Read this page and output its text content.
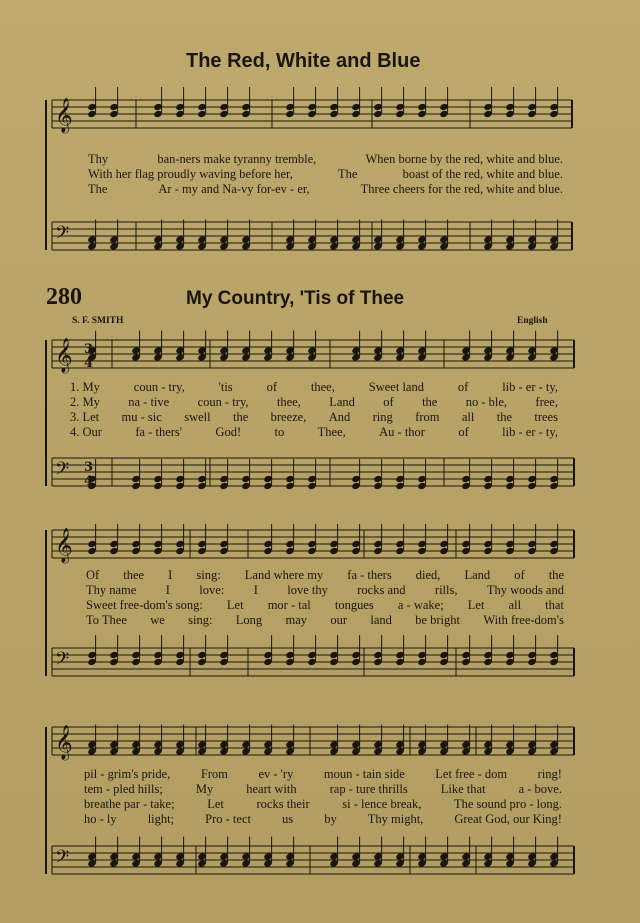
The Red, White and Blue
𝄞
𝄢
𝄞
𝄢
𝄞
𝄢
𝄞
𝄢
3
4
3
4
280	My Country, 'Tis of Thee
S. F. SMITH	English
Thy	ban-ners make tyranny tremble,	When borne by the red, white and blue.
With her flag proudly waving before her,	The	boast of the red, white and blue.
The	Ar - my and Na-vy for-ev - er,	Three cheers for the red, white and blue.
1. My	coun - try,	'tis	of	thee,	Sweet land	of	lib - er - ty,
2. My na - tive coun - try, thee, Land of the no - ble, free,
3. Let mu - sic swell the breeze, And ring from all the trees
4. Our	fa - thers'	God!	to	Thee,	Au - thor	of	lib - er - ty,
Of thee I sing: Land where my fa - thers died, Land of the
Thy name I love: I love thy rocks and rills, Thy woods and
Sweet free-dom's song: Let mor - tal tongues a - wake; Let all that
To Thee we sing: Long may our land be bright With free-dom's
pil - grim's pride, From ev - 'ry moun - tain side Let free - dom ring!
tem - pled hills;	My	heart with	rap - ture thrills	Like that	a - bove.
breathe par - take;	Let	rocks their	si - lence break,	The sound pro - long.
ho - ly light; Pro - tect us by Thy might, Great God, our King!
